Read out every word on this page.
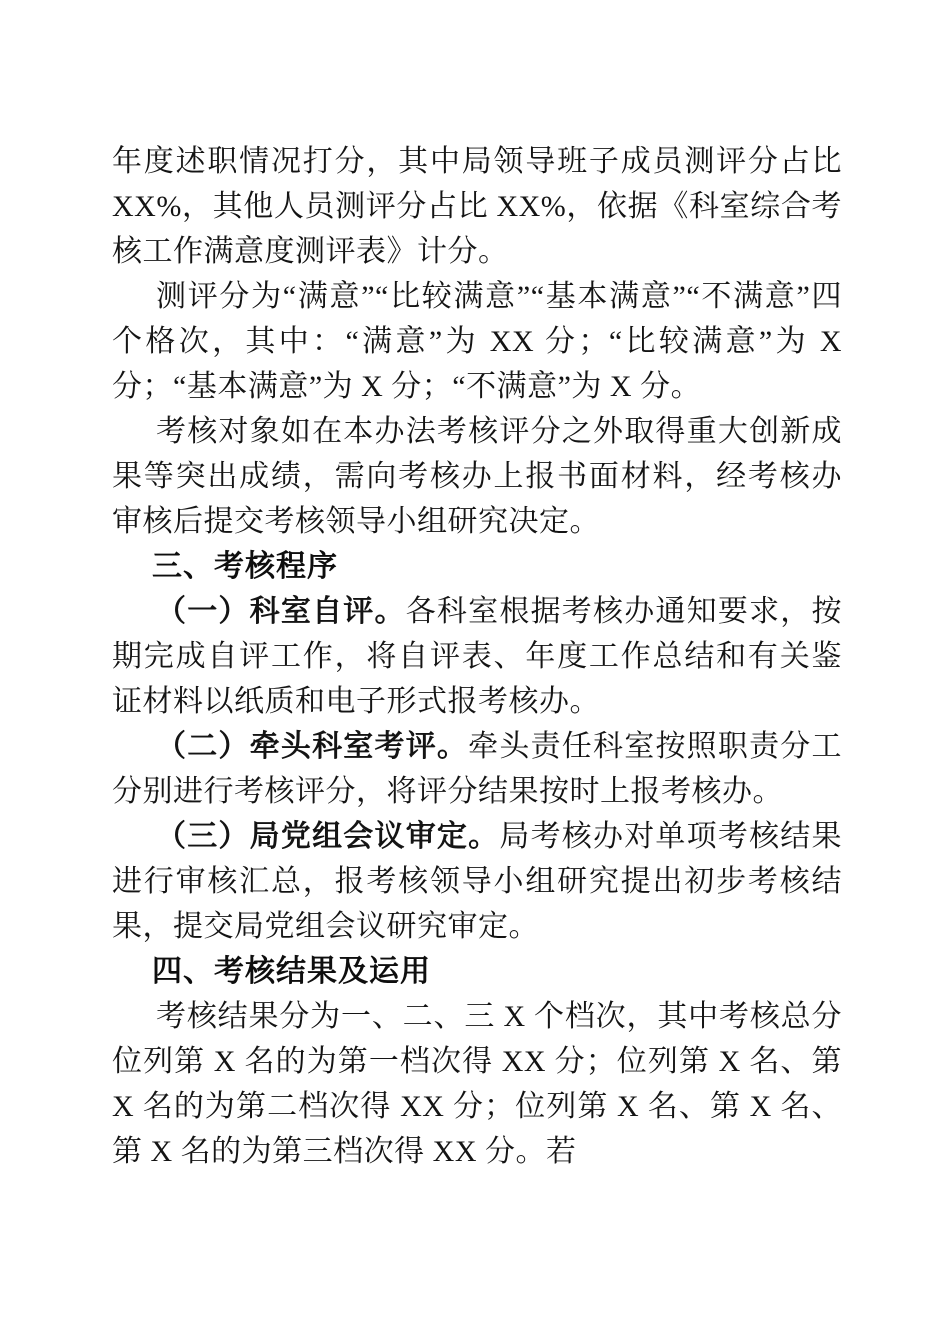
年度述职情况打分，其中局领导班子成员测评分占比 XX%，其他人员测评分占比 XX%，依据《科室综合考核工作满意度测评表》计分。

测评分为“满意”“比较满意”“基本满意”“不满意”四个格次，其中：“满意”为 XX 分；“比较满意”为 X 分；“基本满意”为 X 分；“不满意”为 X 分。

考核对象如在本办法考核评分之外取得重大创新成果等突出成绩，需向考核办上报书面材料，经考核办审核后提交考核领导小组研究决定。

三、考核程序

（一）科室自评。各科室根据考核办通知要求，按期完成自评工作，将自评表、年度工作总结和有关鉴证材料以纸质和电子形式报考核办。

（二）牵头科室考评。牵头责任科室按照职责分工分别进行考核评分，将评分结果按时上报考核办。

（三）局党组会议审定。局考核办对单项考核结果进行审核汇总，报考核领导小组研究提出初步考核结果，提交局党组会议研究审定。

四、考核结果及运用

考核结果分为一、二、三 X 个档次，其中考核总分位列第 X 名的为第一档次得 XX 分；位列第 X 名、第 X 名的为第二档次得 XX 分；位列第 X 名、第 X 名、第 X 名的为第三档次得 XX 分。若
